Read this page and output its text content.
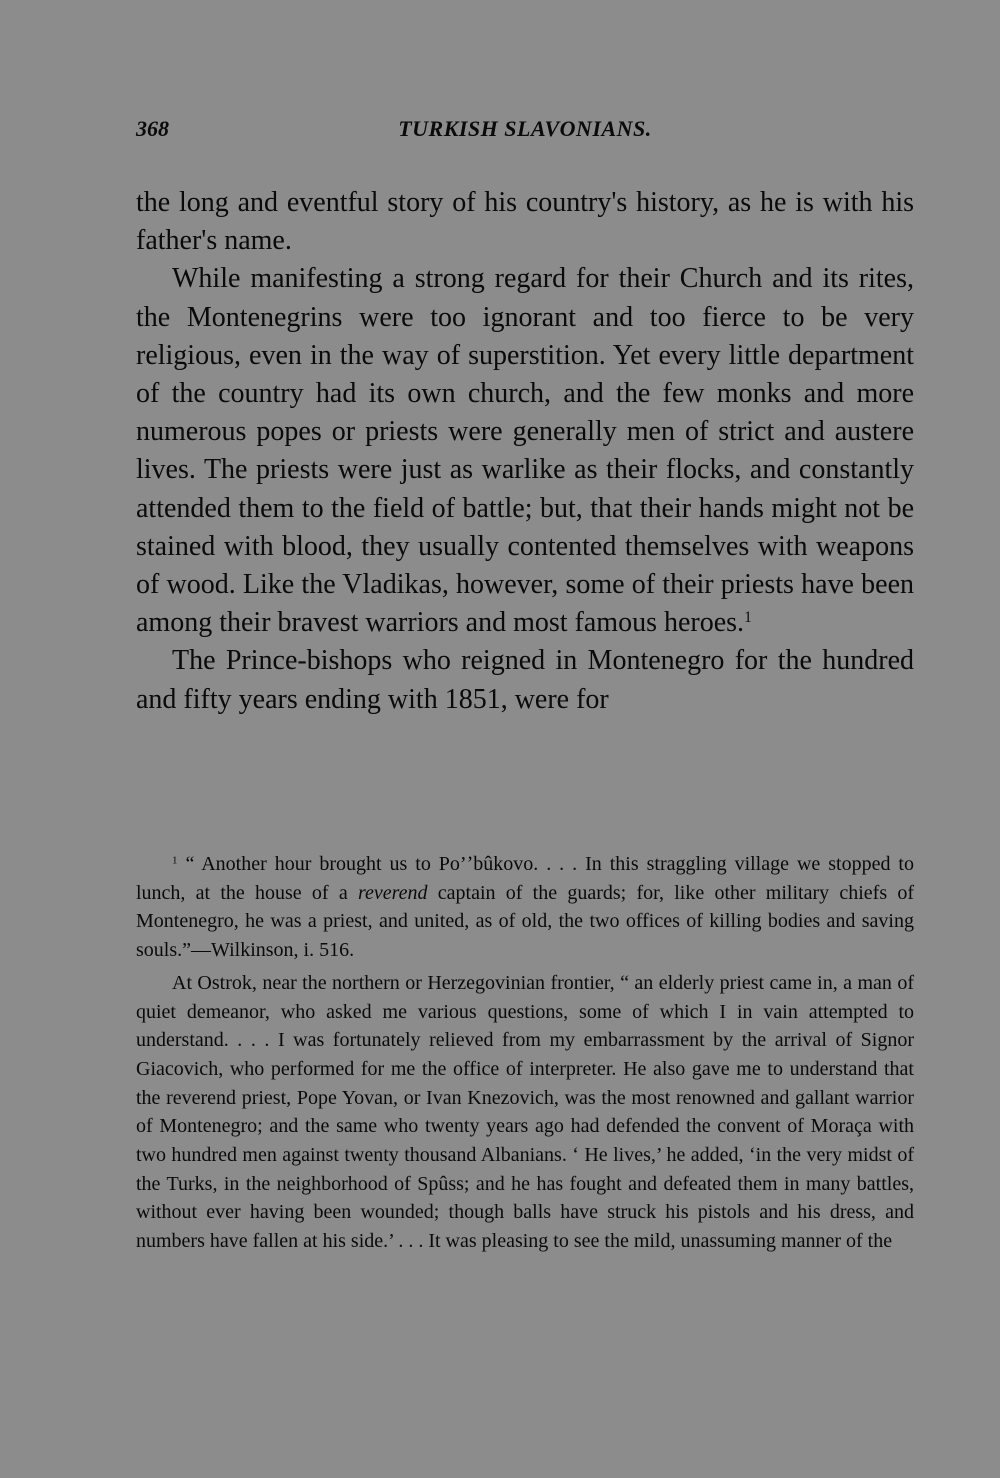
368	TURKISH SLAVONIANS.

the long and eventful story of his country's history, as he is with his father's name.

While manifesting a strong regard for their Church and its rites, the Montenegrins were too ignorant and too fierce to be very religious, even in the way of superstition. Yet every little department of the country had its own church, and the few monks and more numerous popes or priests were generally men of strict and austere lives. The priests were just as warlike as their flocks, and constantly attended them to the field of battle; but, that their hands might not be stained with blood, they usually contented themselves with weapons of wood. Like the Vladikas, however, some of their priests have been among their bravest warriors and most famous heroes.$^1$

The Prince-bishops who reigned in Montenegro for the hundred and fifty years ending with 1851, were for

$^1$ “ Another hour brought us to Po’ʼbûkovo. . . . In this straggling village we stopped to lunch, at the house of a reverend captain of the guards; for, like other military chiefs of Montenegro, he was a priest, and united, as of old, the two offices of killing bodies and saving souls.”—Wilkinson, i. 516.

At Ostrok, near the northern or Herzegovinian frontier, “ an elderly priest came in, a man of quiet demeanor, who asked me various questions, some of which I in vain attempted to understand. . . . I was fortunately relieved from my embarrassment by the arrival of Signor Giacovich, who performed for me the office of interpreter. He also gave me to understand that the reverend priest, Pope Yovan, or Ivan Knezovich, was the most renowned and gallant warrior of Montenegro; and the same who twenty years ago had defended the convent of Moraça with two hundred men against twenty thousand Albanians. ‘ He lives,’ he added, ‘in the very midst of the Turks, in the neighborhood of Spûss; and he has fought and defeated them in many battles, without ever having been wounded; though balls have struck his pistols and his dress, and numbers have fallen at his side.’ . . . It was pleasing to see the mild, unassuming manner of the
